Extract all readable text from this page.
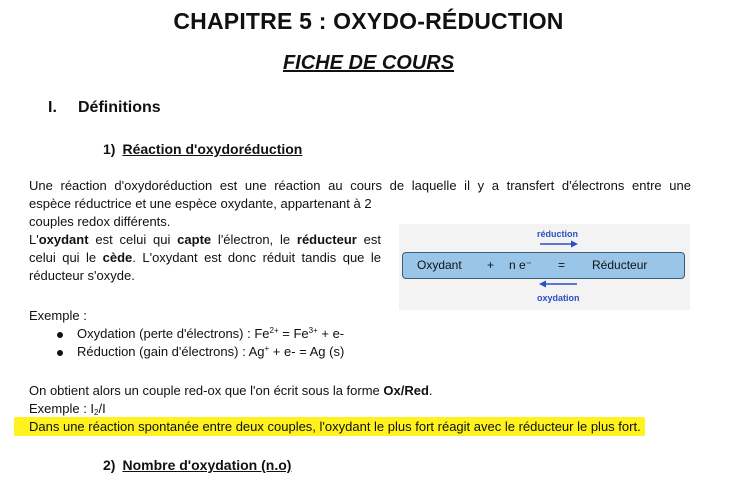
CHAPITRE 5 : OXYDO-RÉDUCTION
FICHE DE COURS
I. Définitions
1) Réaction d'oxydoréduction
Une réaction d'oxydoréduction est une réaction au cours de laquelle il y a transfert d'électrons entre une
espèce réductrice et une espèce oxydante, appartenant à 2 couples redox différents.
L'oxydant est celui qui capte l'électron, le réducteur est celui qui le cède. L'oxydant est donc réduit tandis que le réducteur s'oxyde.
réduction
Oxydant + n e⁻ = Réducteur
oxydation
Exemple :
Oxydation (perte d'électrons) : $Fe^{2+} = Fe^{3+} + e-$
Réduction (gain d'électrons) : Ag+ + e- = Ag (s)
On obtient alors un couple red-ox que l'on écrit sous la forme Ox/Red.
Exemple : $I_2/I$
Dans une réaction spontanée entre deux couples, l'oxydant le plus fort réagit avec le réducteur le plus fort.
2) Nombre d'oxydation (n.o)
